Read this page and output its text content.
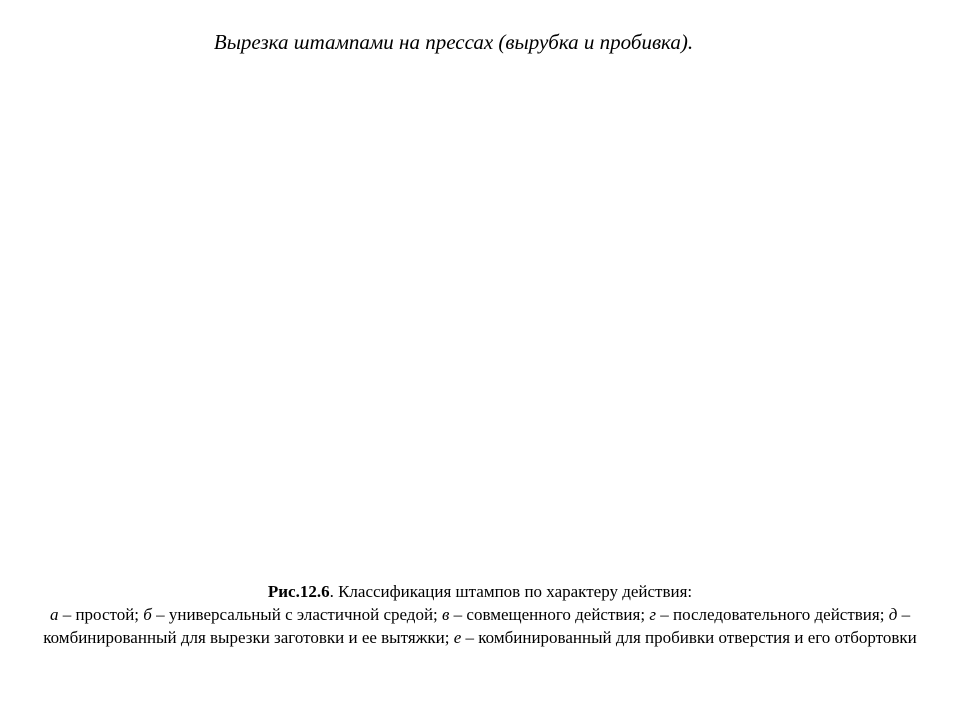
Вырезка штампами на прессах (вырубка и пробивка).
Рис.12.6. Классификация штампов по характеру действия:
а – простой; б – универсальный с эластичной средой; в – совмещенного действия; г – последовательного действия; д – комбинированный для вырезки заготовки и ее вытяжки; е – комбинированный для пробивки отверстия и его отбортовки
